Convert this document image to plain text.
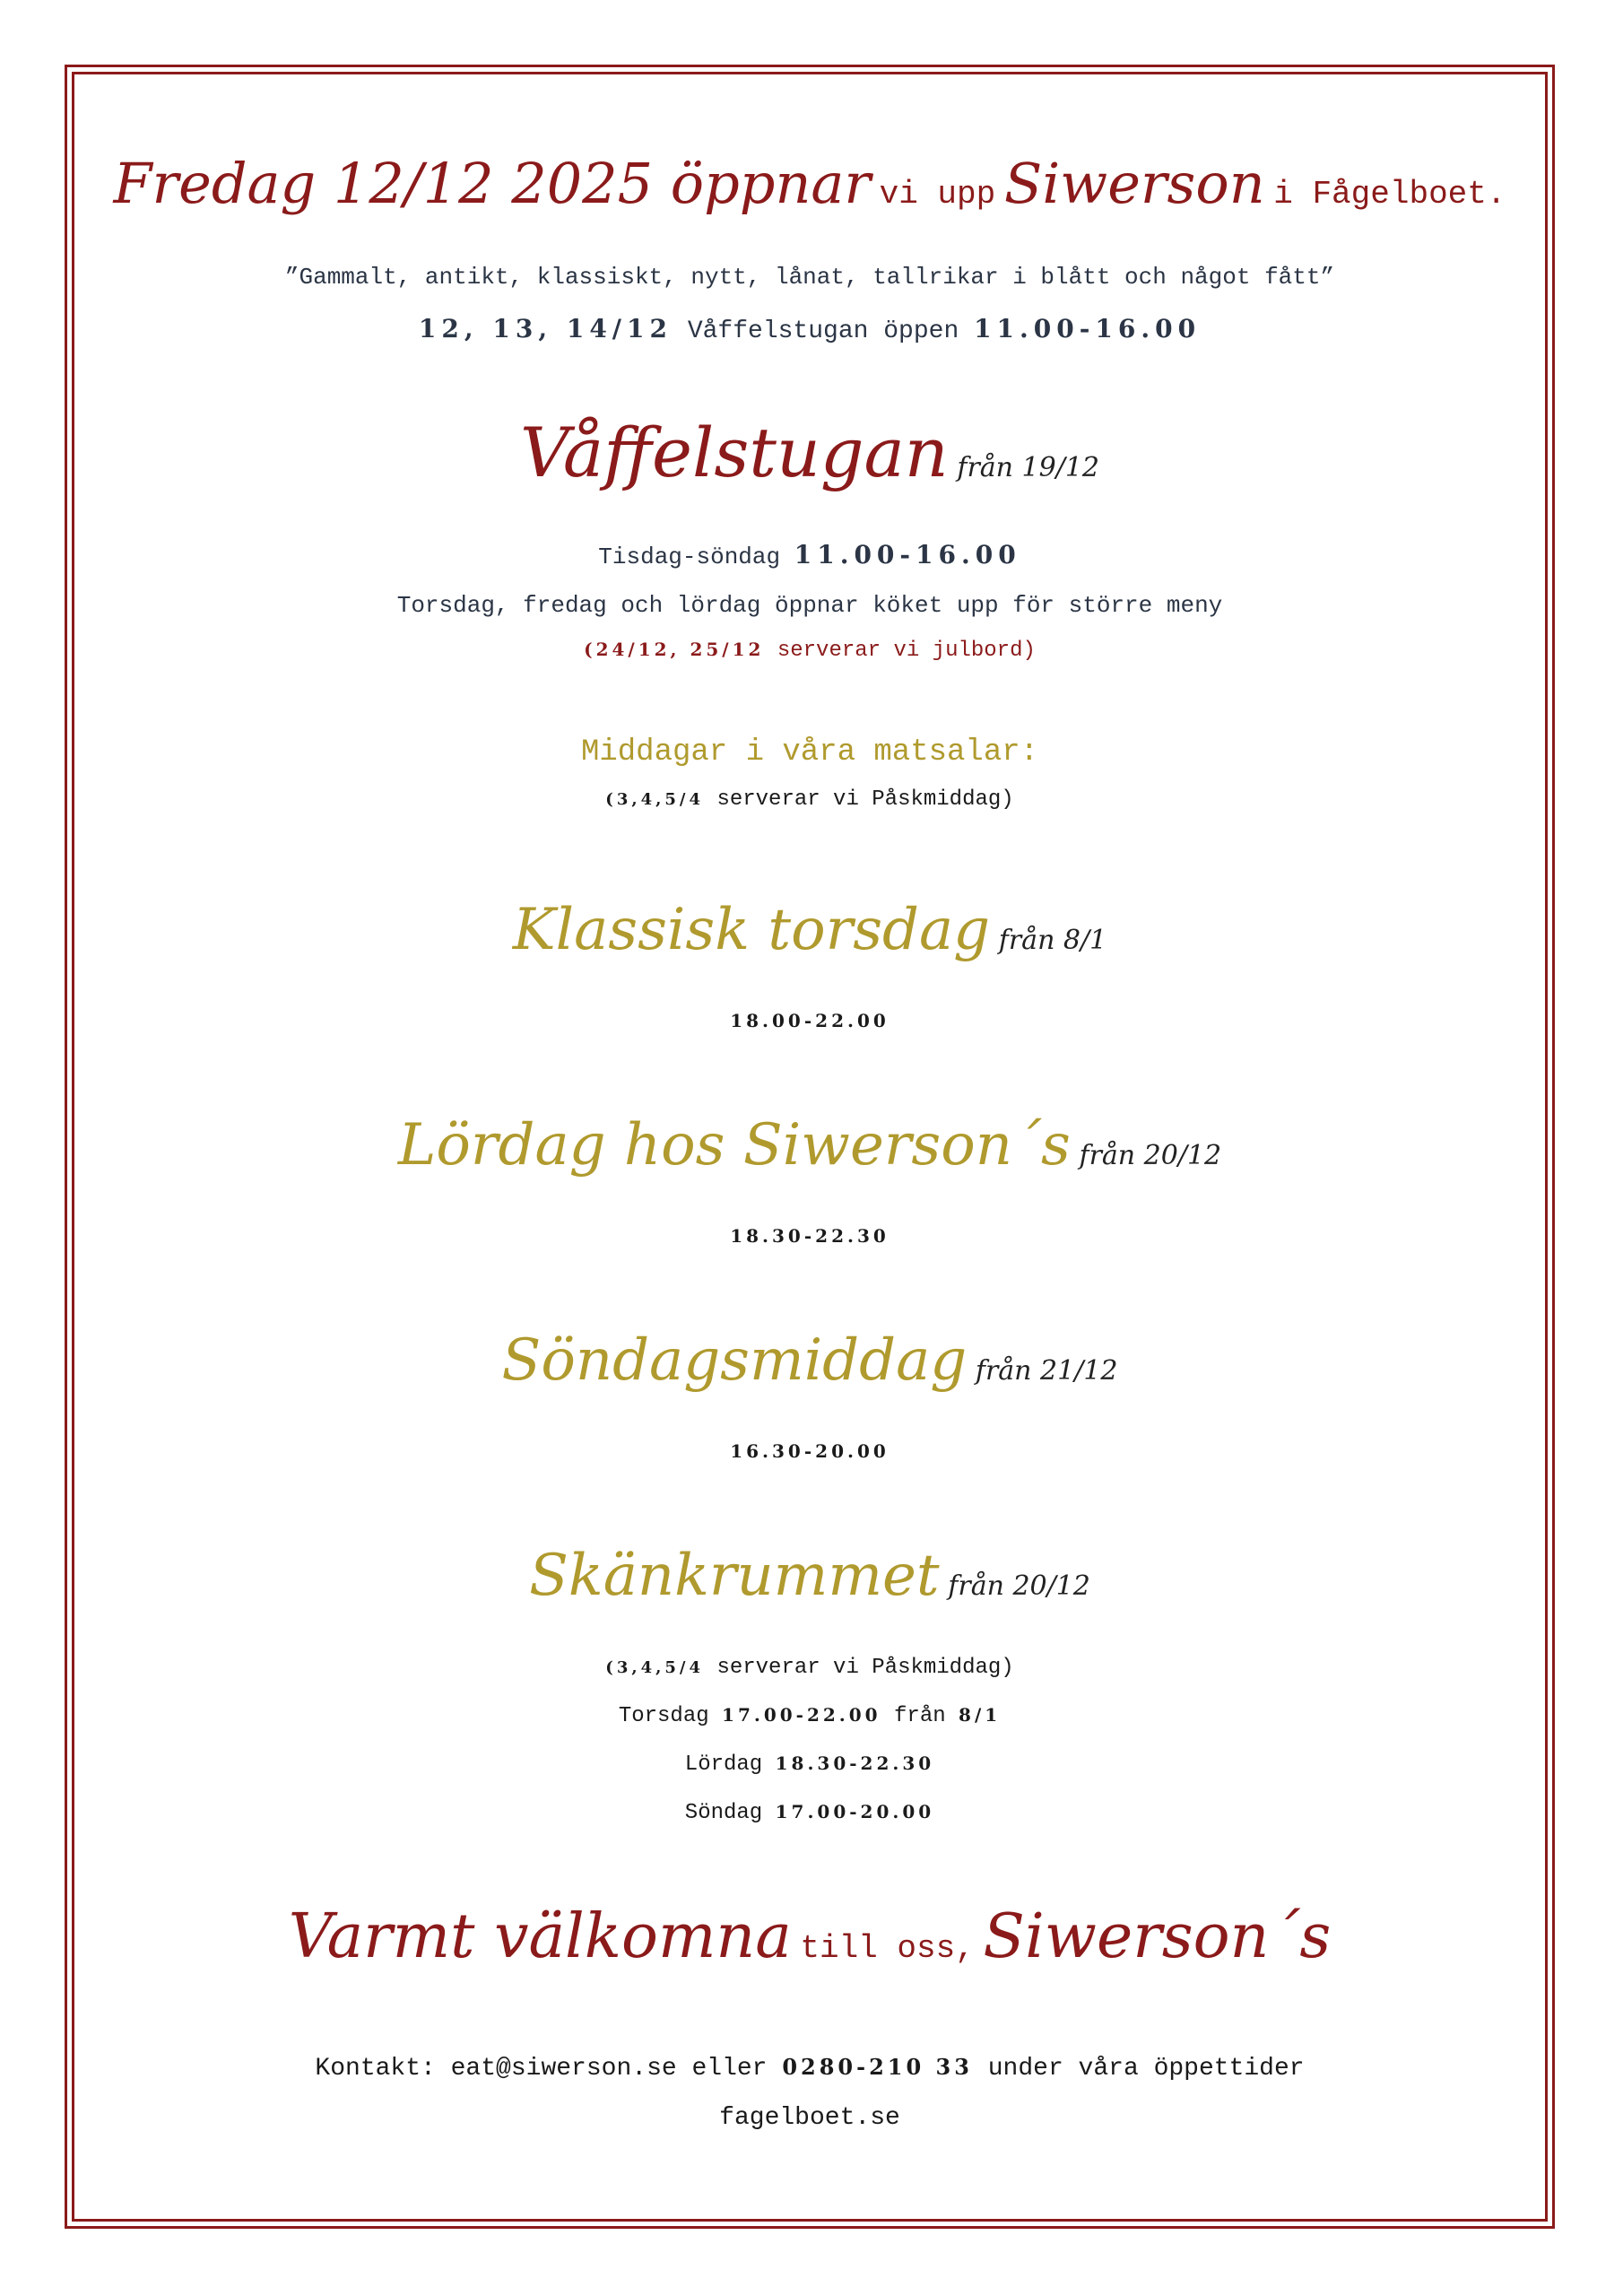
Fredag 12/12 2025 öppnar vi upp Siwerson i Fågelboet.
”Gammalt, antikt, klassiskt, nytt, lånat, tallrikar i blått och något fått”
12, 13, 14/12 Våffelstugan öppen 11.00-16.00
Våffelstugan från 19/12
Tisdag-söndag 11.00-16.00
Torsdag, fredag och lördag öppnar köket upp för större meny
(24/12, 25/12 serverar vi julbord)
Middagar i våra matsalar:
(3,4,5/4 serverar vi Påskmiddag)
Klassisk torsdag från 8/1
18.00-22.00
Lördag hos Siwerson´s från 20/12
18.30-22.30
Söndagsmiddag från 21/12
16.30-20.00
Skänkrummet från 20/12
(3,4,5/4 serverar vi Påskmiddag)
Torsdag 17.00-22.00 från 8/1
Lördag 18.30-22.30
Söndag 17.00-20.00
Varmt välkomna till oss, Siwerson´s
Kontakt: eat@siwerson.se eller 0280-210 33 under våra öppettider
fagelboet.se
